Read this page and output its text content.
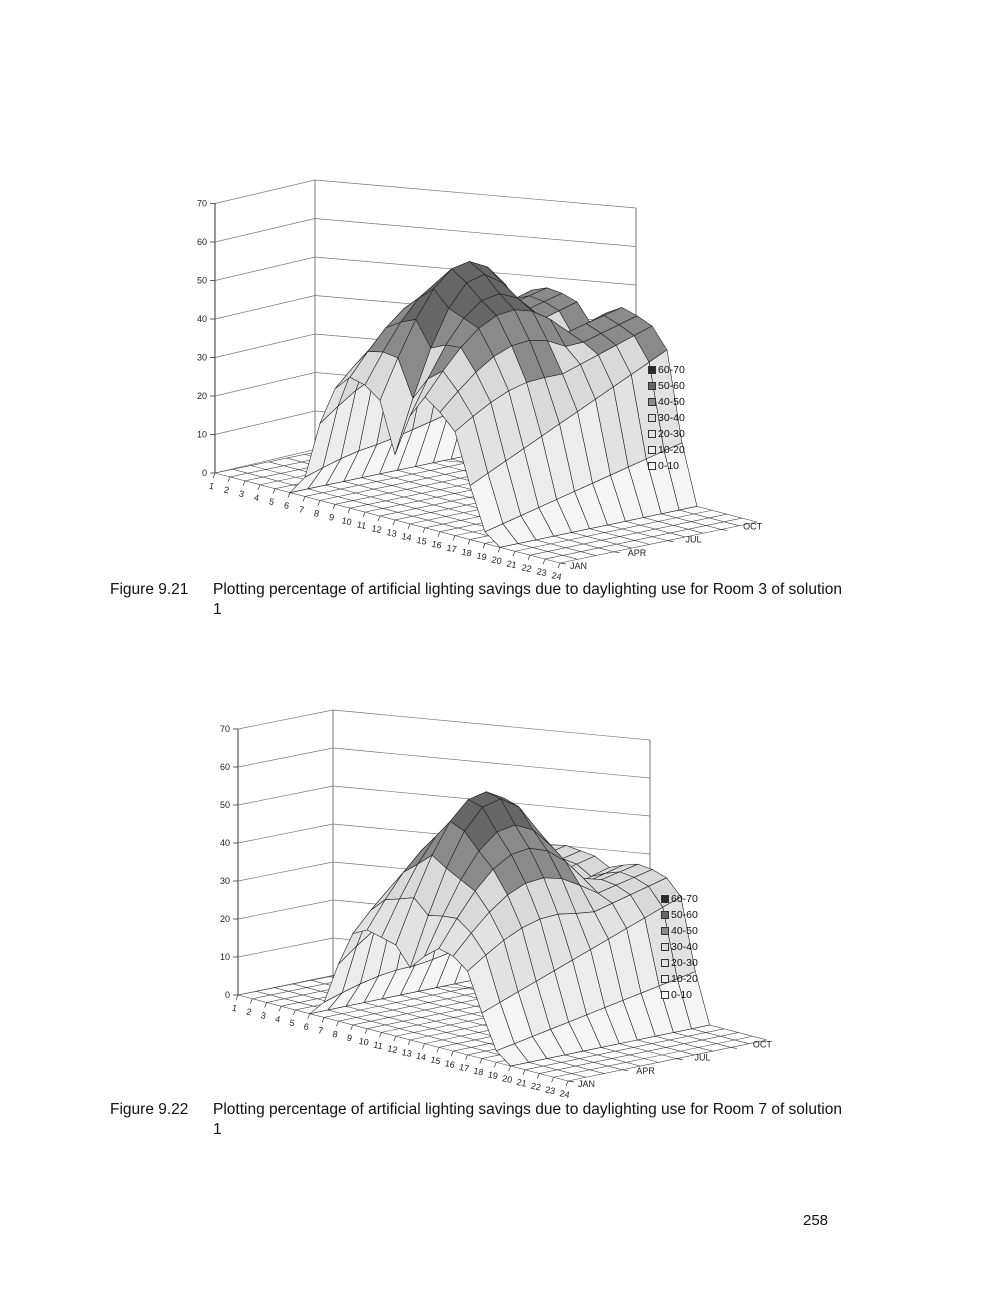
0
10
20
30
40
50
60
70
1 2 3 4 5 6 7 8 9 10 11 12 13 14 15 16 17 18 19 20 21 22 23 24
JAN
APR
JUL
OCT
60-70
50-60
40-50
30-40
20-30
10-20
0-10
Figure 9.21 Plotting percentage of artificial lighting savings due to daylighting use for Room 3 of solution 1
0
10
20
30
40
50
60
70
1 2 3 4 5 6 7 8 9 10 11 12 13 14 15 16 17 18 19 20 21 22 23 24
JAN
APR
JUL
OCT
60-70
50-60
40-50
30-40
20-30
10-20
0-10
Figure 9.22 Plotting percentage of artificial lighting savings due to daylighting use for Room 7 of solution 1
258
